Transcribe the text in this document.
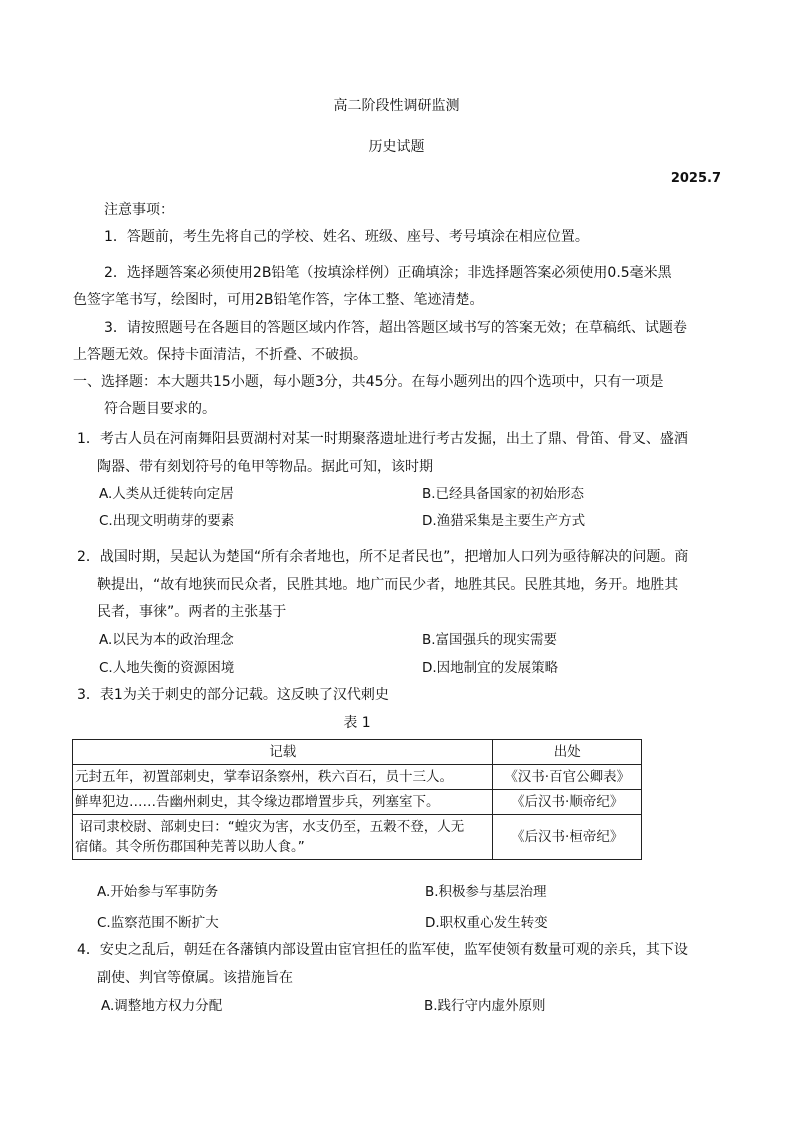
高二阶段性调研监测
历史试题
2025.7
注意事项：
1．答题前，考生先将自己的学校、姓名、班级、座号、考号填涂在相应位置。
2．选择题答案必须使用2B铅笔（按填涂样例）正确填涂；非选择题答案必须使用0.5毫米黑
色签字笔书写，绘图时，可用2B铅笔作答，字体工整、笔迹清楚。
3．请按照题号在各题目的答题区域内作答，超出答题区域书写的答案无效；在草稿纸、试题卷
上答题无效。保持卡面清洁，不折叠、不破损。
一、选择题：本大题共15小题，每小题3分，共45分。在每小题列出的四个选项中，只有一项是
符合题目要求的。
1．考古人员在河南舞阳县贾湖村对某一时期聚落遗址进行考古发掘，出土了鼎、骨笛、骨叉、盛酒
陶器、带有刻划符号的龟甲等物品。据此可知，该时期
A.人类从迁徙转向定居	B.已经具备国家的初始形态
C.出现文明萌芽的要素	D.渔猎采集是主要生产方式
2．战国时期，吴起认为楚国“所有余者地也，所不足者民也”，把增加人口列为亟待解决的问题。商
鞅提出，“故有地狭而民众者，民胜其地。地广而民少者，地胜其民。民胜其地，务开。地胜其
民者，事徕”。两者的主张基于
A.以民为本的政治理念	B.富国强兵的现实需要
C.人地失衡的资源困境	D.因地制宜的发展策略
3．表1为关于刺史的部分记载。这反映了汉代刺史
表 1
记载	出处
元封五年，初置部刺史，掌奉诏条察州，秩六百石，员十三人。	《汉书·百官公卿表》
鲜卑犯边……告幽州刺史，其令缘边郡增置步兵，列塞室下。	《后汉书·顺帝纪》

诏司隶校尉、部刺史曰：“蝗灾为害，水支仍至，五穀不登，人无
宿储。其令所伤郡国种芜菁以助人食。”	《后汉书·桓帝纪》
A.开始参与军事防务	B.积极参与基层治理
C.监察范围不断扩大	D.职权重心发生转变
4．安史之乱后，朝廷在各藩镇内部设置由宦官担任的监军使，监军使领有数量可观的亲兵，其下设
副使、判官等僚属。该措施旨在
A.调整地方权力分配	B.践行守内虚外原则
